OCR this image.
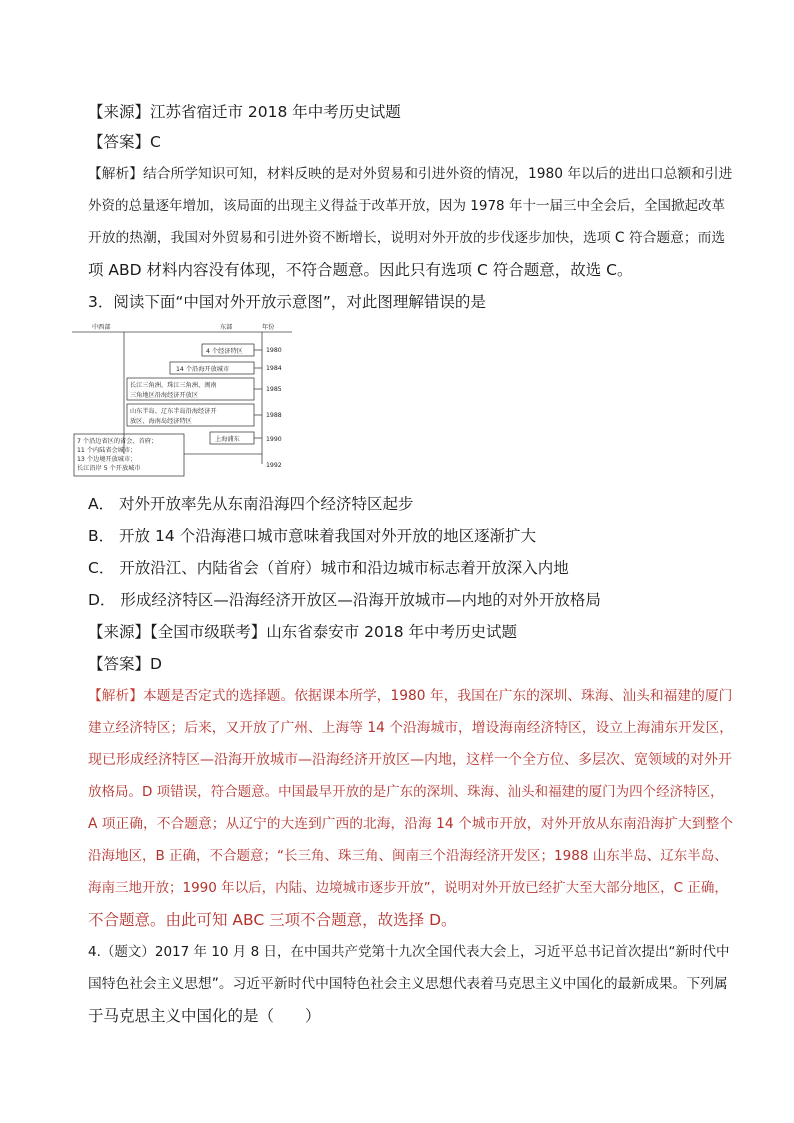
【来源】江苏省宿迁市 2018 年中考历史试题
【答案】C
【解析】结合所学知识可知，材料反映的是对外贸易和引进外资的情况，1980 年以后的进出口总额和引进
外资的总量逐年增加，该局面的出现主义得益于改革开放，因为 1978 年十一届三中全会后，全国掀起改革
开放的热潮，我国对外贸易和引进外资不断增长，说明对外开放的步伐逐步加快，选项 C 符合题意；而选
项 ABD 材料内容没有体现，不符合题意。因此只有选项 C 符合题意，故选 C。
3．阅读下面“中国对外开放示意图”，对此图理解错误的是
中西部	东部	年份
4 个经济特区	1980
14 个沿海开放城市	1984
长江三角洲、珠江三角洲、闽南
三角地区沿海经济开放区
1985
山东半岛、辽东半岛沿海经济开
放区、海南岛经济特区
1988
上海浦东	1990
7 个沿边省区的省会、首府；
11 个内陆省会城市；
13 个边境开放城市；
长江沿岸 5 个开放城市	1992
A． 对外开放率先从东南沿海四个经济特区起步
B． 开放 14 个沿海港口城市意味着我国对外开放的地区逐渐扩大
C． 开放沿江、内陆省会（首府）城市和沿边城市标志着开放深入内地
D． 形成经济特区—沿海经济开放区—沿海开放城市—内地的对外开放格局
【来源】【全国市级联考】山东省泰安市 2018 年中考历史试题
【答案】D
【解析】本题是否定式的选择题。依据课本所学，1980 年，我国在广东的深圳、珠海、汕头和福建的厦门
建立经济特区；后来，又开放了广州、上海等 14 个沿海城市，增设海南经济特区，设立上海浦东开发区，
现已形成经济特区—沿海开放城市—沿海经济开放区—内地，这样一个全方位、多层次、宽领域的对外开
放格局。D 项错误，符合题意。中国最早开放的是广东的深圳、珠海、汕头和福建的厦门为四个经济特区，
A 项正确，不合题意；从辽宁的大连到广西的北海，沿海 14 个城市开放，对外开放从东南沿海扩大到整个
沿海地区，B 正确，不合题意；“长三角、珠三角、闽南三个沿海经济开发区；1988 山东半岛、辽东半岛、
海南三地开放；1990 年以后，内陆、边境城市逐步开放”，说明对外开放已经扩大至大部分地区，C 正确，
不合题意。由此可知 ABC 三项不合题意，故选择 D。
4.（题文）2017 年 10 月 8 日，在中国共产党第十九次全国代表大会上，习近平总书记首次提出“新时代中
国特色社会主义思想”。习近平新时代中国特色社会主义思想代表着马克思主义中国化的最新成果。下列属
于马克思主义中国化的是（　　）
